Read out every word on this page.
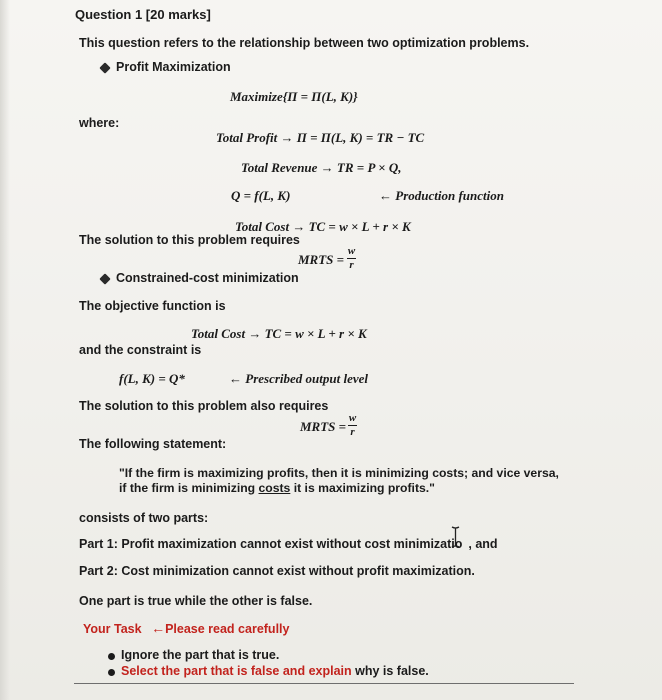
Question 1 [20 marks]
This question refers to the relationship between two optimization problems.
Profit Maximization
Maximize{Π = Π(L, K)}
where:
Total Profit → Π = Π(L, K) = TR − TC
Total Revenue → TR = P × Q,
Q = f(L, K)	← Production function
Total Cost → TC = w × L + r × K
The solution to this problem requires
MRTS =
w
r
Constrained-cost minimization
The objective function is
Total Cost → TC = w × L + r × K
and the constraint is
f(L, K) = Q*	← Prescribed output level
The solution to this problem also requires
MRTS =
w
r
The following statement:
"If the firm is maximizing profits, then it is minimizing costs; and vice versa,
if the firm is minimizing costs it is maximizing profits."
consists of two parts:
Part 1: Profit maximization cannot exist without cost minimizatio , and
Part 2: Cost minimization cannot exist without profit maximization.
One part is true while the other is false.
Your Task ←Please read carefully
Ignore the part that is true.
Select the part that is false and explain why is false.
